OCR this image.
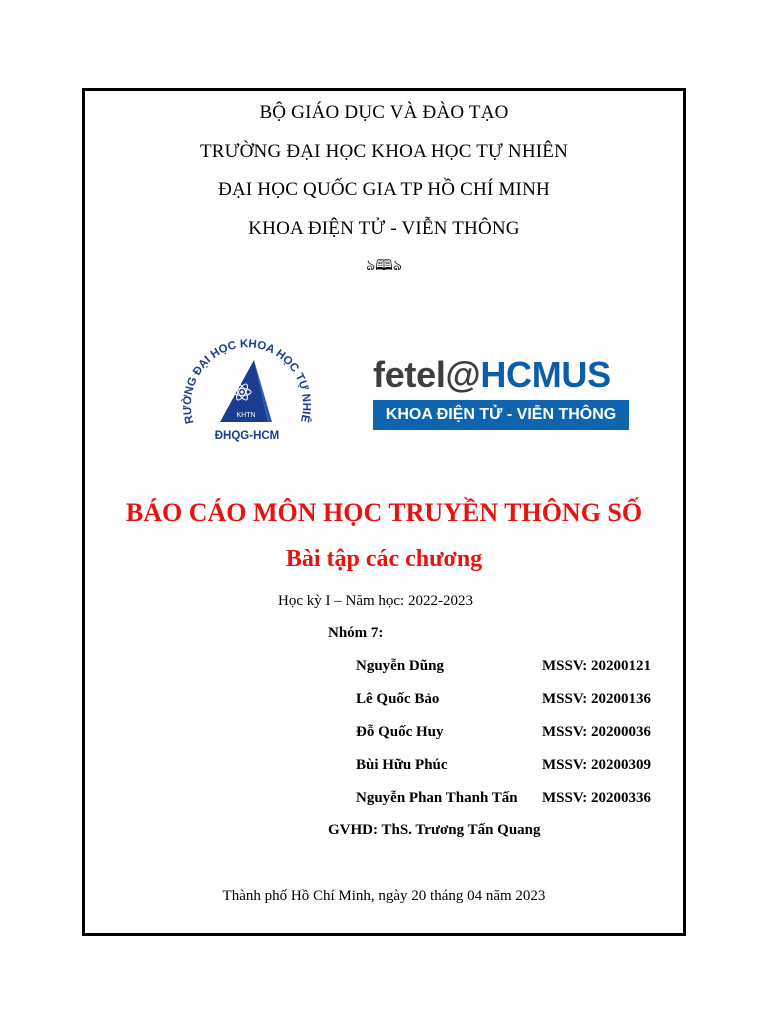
BỘ GIÁO DỤC VÀ ĐÀO TẠO
TRƯỜNG ĐẠI HỌC KHOA HỌC TỰ NHIÊN
ĐẠI HỌC QUỐC GIA TP HỒ CHÍ MINH
KHOA ĐIỆN TỬ - VIỄN THÔNG
ঌ🕮ঌ
RƯỜNG ĐẠI HỌC KHOA HỌC TỰ NHIÊ
KHTN
ĐHQG-HCM
fetel@HCMUS
KHOA ĐIỆN TỬ - VIỄN THÔNG
BÁO CÁO MÔN HỌC TRUYỀN THÔNG SỐ
Bài tập các chương
Học kỳ I – Năm học: 2022-2023
Nhóm 7:
Nguyễn Dũng	MSSV: 20200121
Lê Quốc Bảo	MSSV: 20200136
Đỗ Quốc Huy	MSSV: 20200036
Bùi Hữu Phúc	MSSV: 20200309
Nguyễn Phan Thanh Tấn MSSV: 20200336
GVHD: ThS. Trương Tấn Quang
Thành phố Hồ Chí Minh, ngày 20 tháng 04 năm 2023
